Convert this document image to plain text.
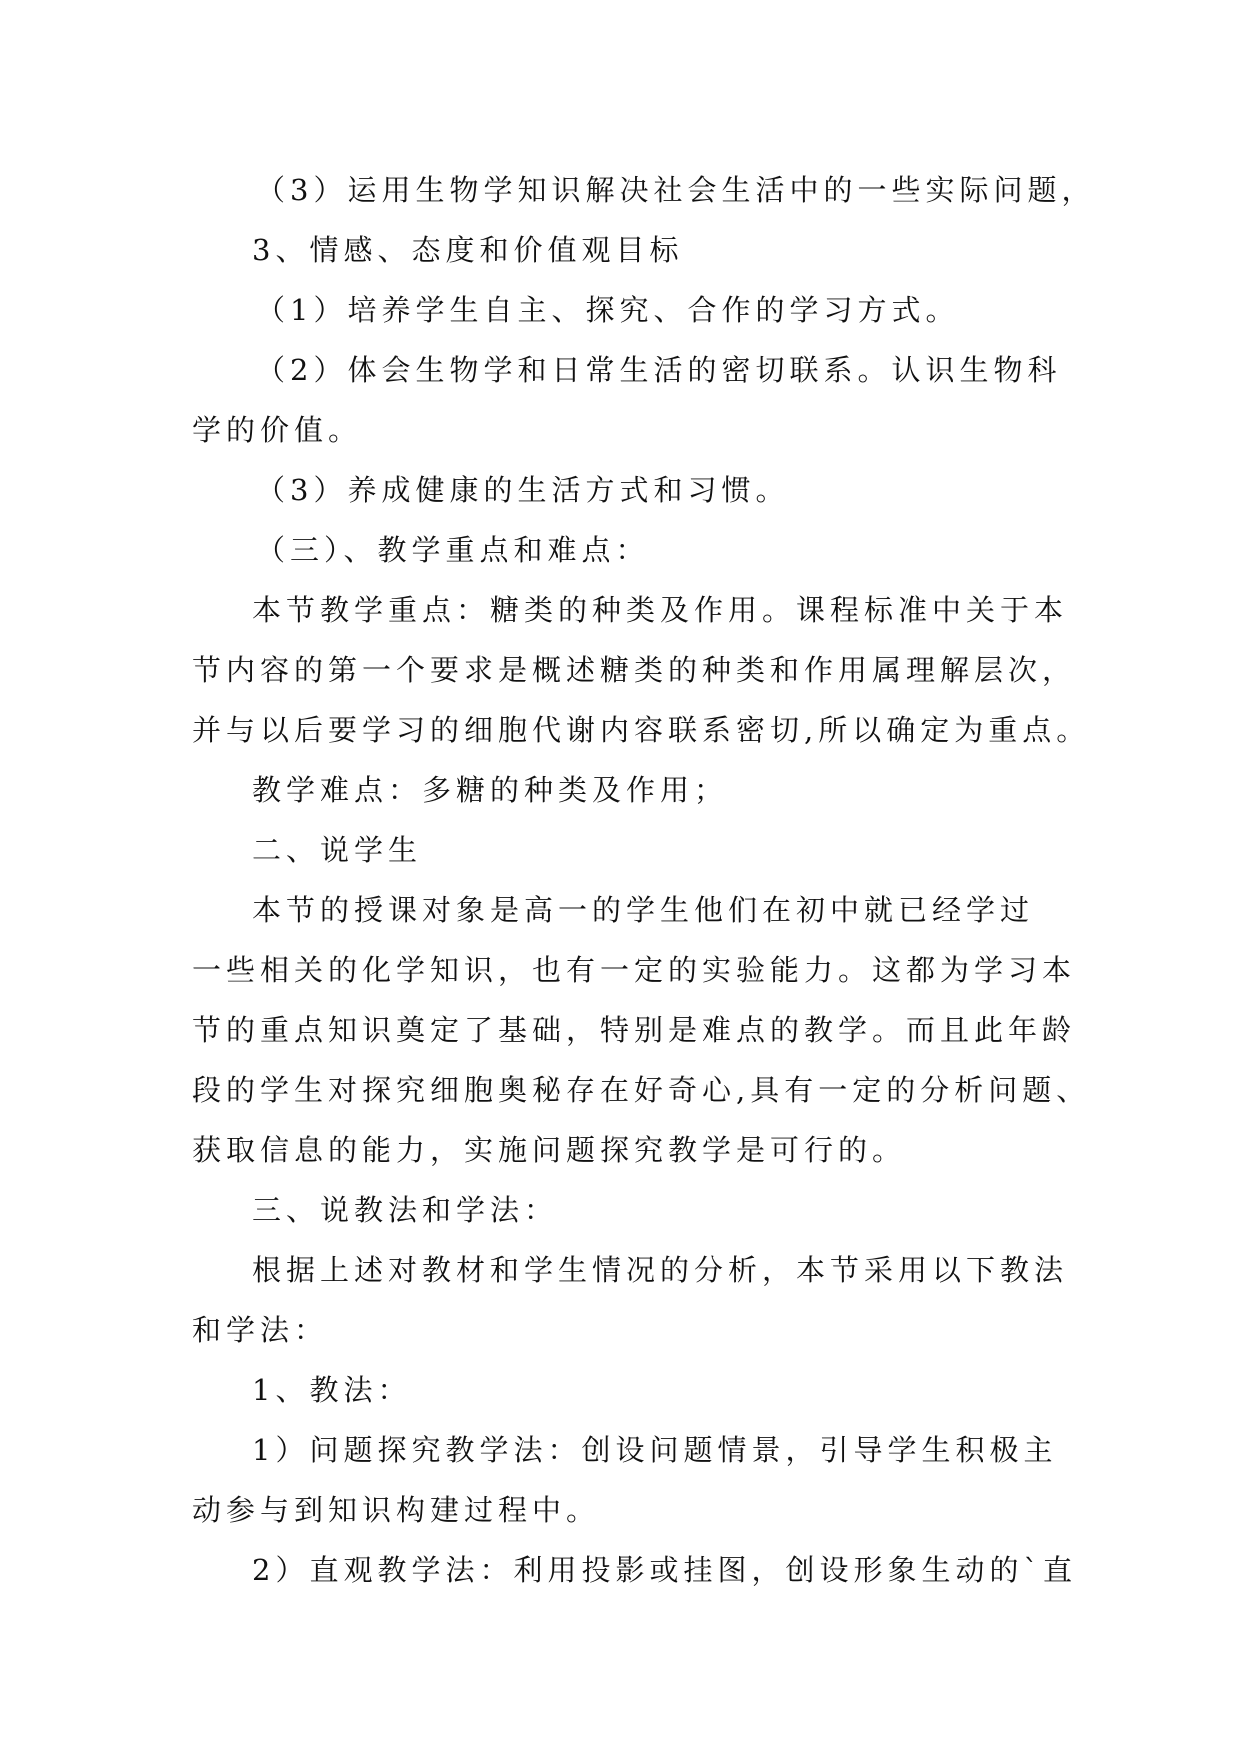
（3）运用生物学知识解决社会生活中的一些实际问题，
3、情感、态度和价值观目标
（1）培养学生自主、探究、合作的学习方式。
（2）体会生物学和日常生活的密切联系。认识生物科
学的价值。
（3）养成健康的生活方式和习惯。
（三）、教学重点和难点：
本节教学重点：糖类的种类及作用。课程标准中关于本
节内容的第一个要求是概述糖类的种类和作用属理解层次，
并与以后要学习的细胞代谢内容联系密切,所以确定为重点。
教学难点：多糖的种类及作用；
二、说学生
本节的授课对象是高一的学生他们在初中就已经学过
一些相关的化学知识，也有一定的实验能力。这都为学习本
节的重点知识奠定了基础，特别是难点的教学。而且此年龄
段的学生对探究细胞奥秘存在好奇心,具有一定的分析问题、
获取信息的能力，实施问题探究教学是可行的。
三、说教法和学法：
根据上述对教材和学生情况的分析，本节采用以下教法
和学法：
1、教法：
1）问题探究教学法：创设问题情景，引导学生积极主
动参与到知识构建过程中。
2）直观教学法：利用投影或挂图，创设形象生动的`直
